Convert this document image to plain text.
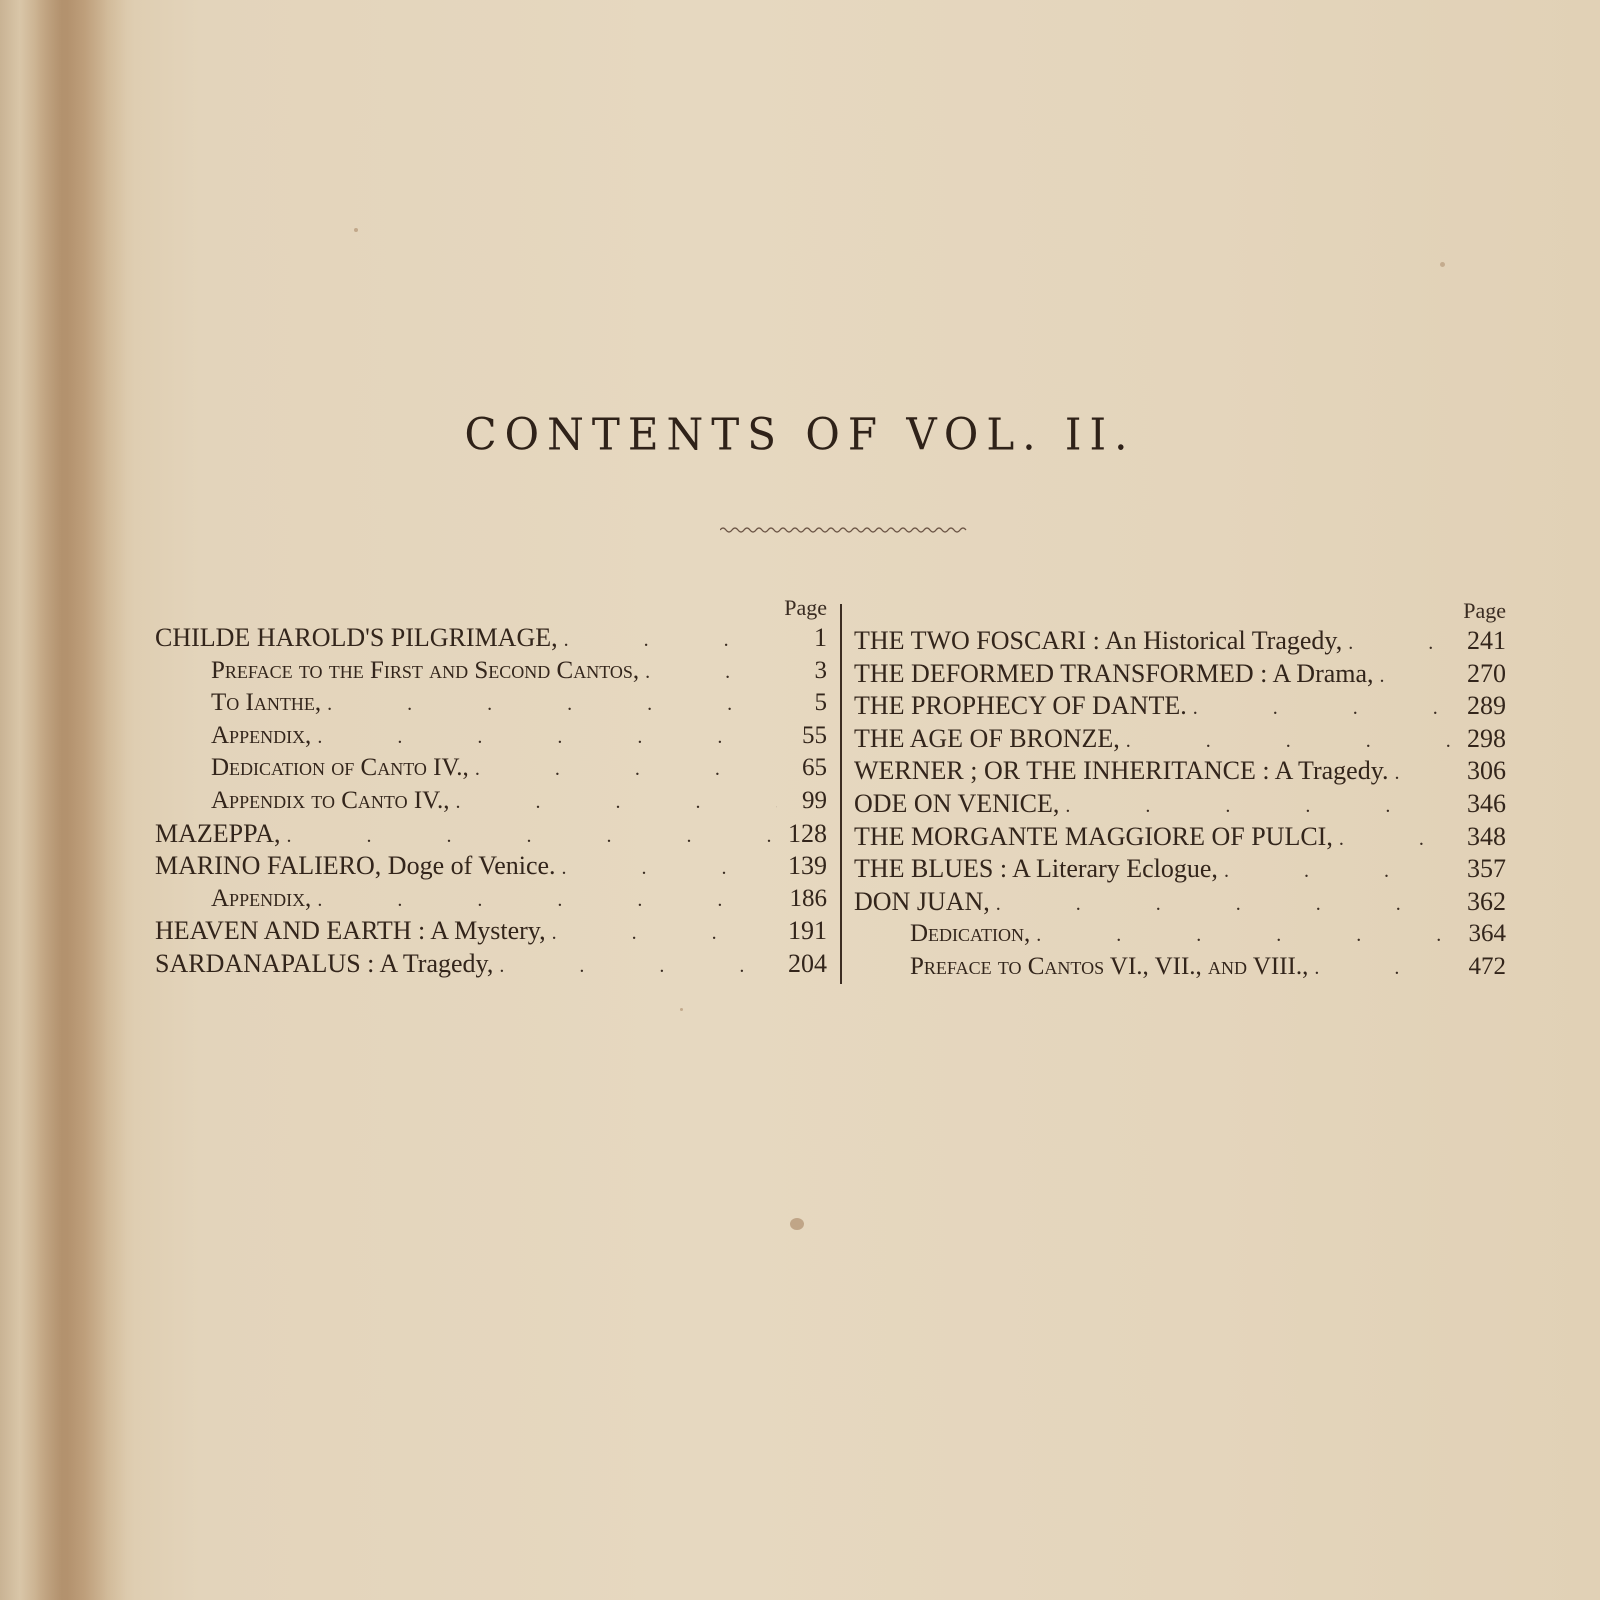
CONTENTS OF VOL. II.
Page
CHILDE HAROLD'S PILGRIMAGE, . . .	1
Preface to the First and Second Cantos, . . .	3
To Ianthe, . . .	5
Appendix, . . .	55
Dedication of Canto IV., . . .	65
Appendix to Canto IV., . . .	99
MAZEPPA, . . .	128
MARINO FALIERO, Doge of Venice. . . .	139
Appendix, . . .	186
HEAVEN AND EARTH : A Mystery, . . .	191
SARDANAPALUS : A Tragedy, . . .	204
Page
THE TWO FOSCARI : An Historical Tragedy, . . .	241
THE DEFORMED TRANSFORMED : A Drama, . . .	270
THE PROPHECY OF DANTE. . . .	289
THE AGE OF BRONZE, . . .	298
WERNER ; OR THE INHERITANCE : A Tragedy. . . .	306
ODE ON VENICE, . . .	346
THE MORGANTE MAGGIORE OF PULCI, . . .	348
THE BLUES : A Literary Eclogue, . . .	357
DON JUAN, . . .	362
Dedication, . . .	364
Preface to Cantos VI., VII., and VIII., . . .	472
